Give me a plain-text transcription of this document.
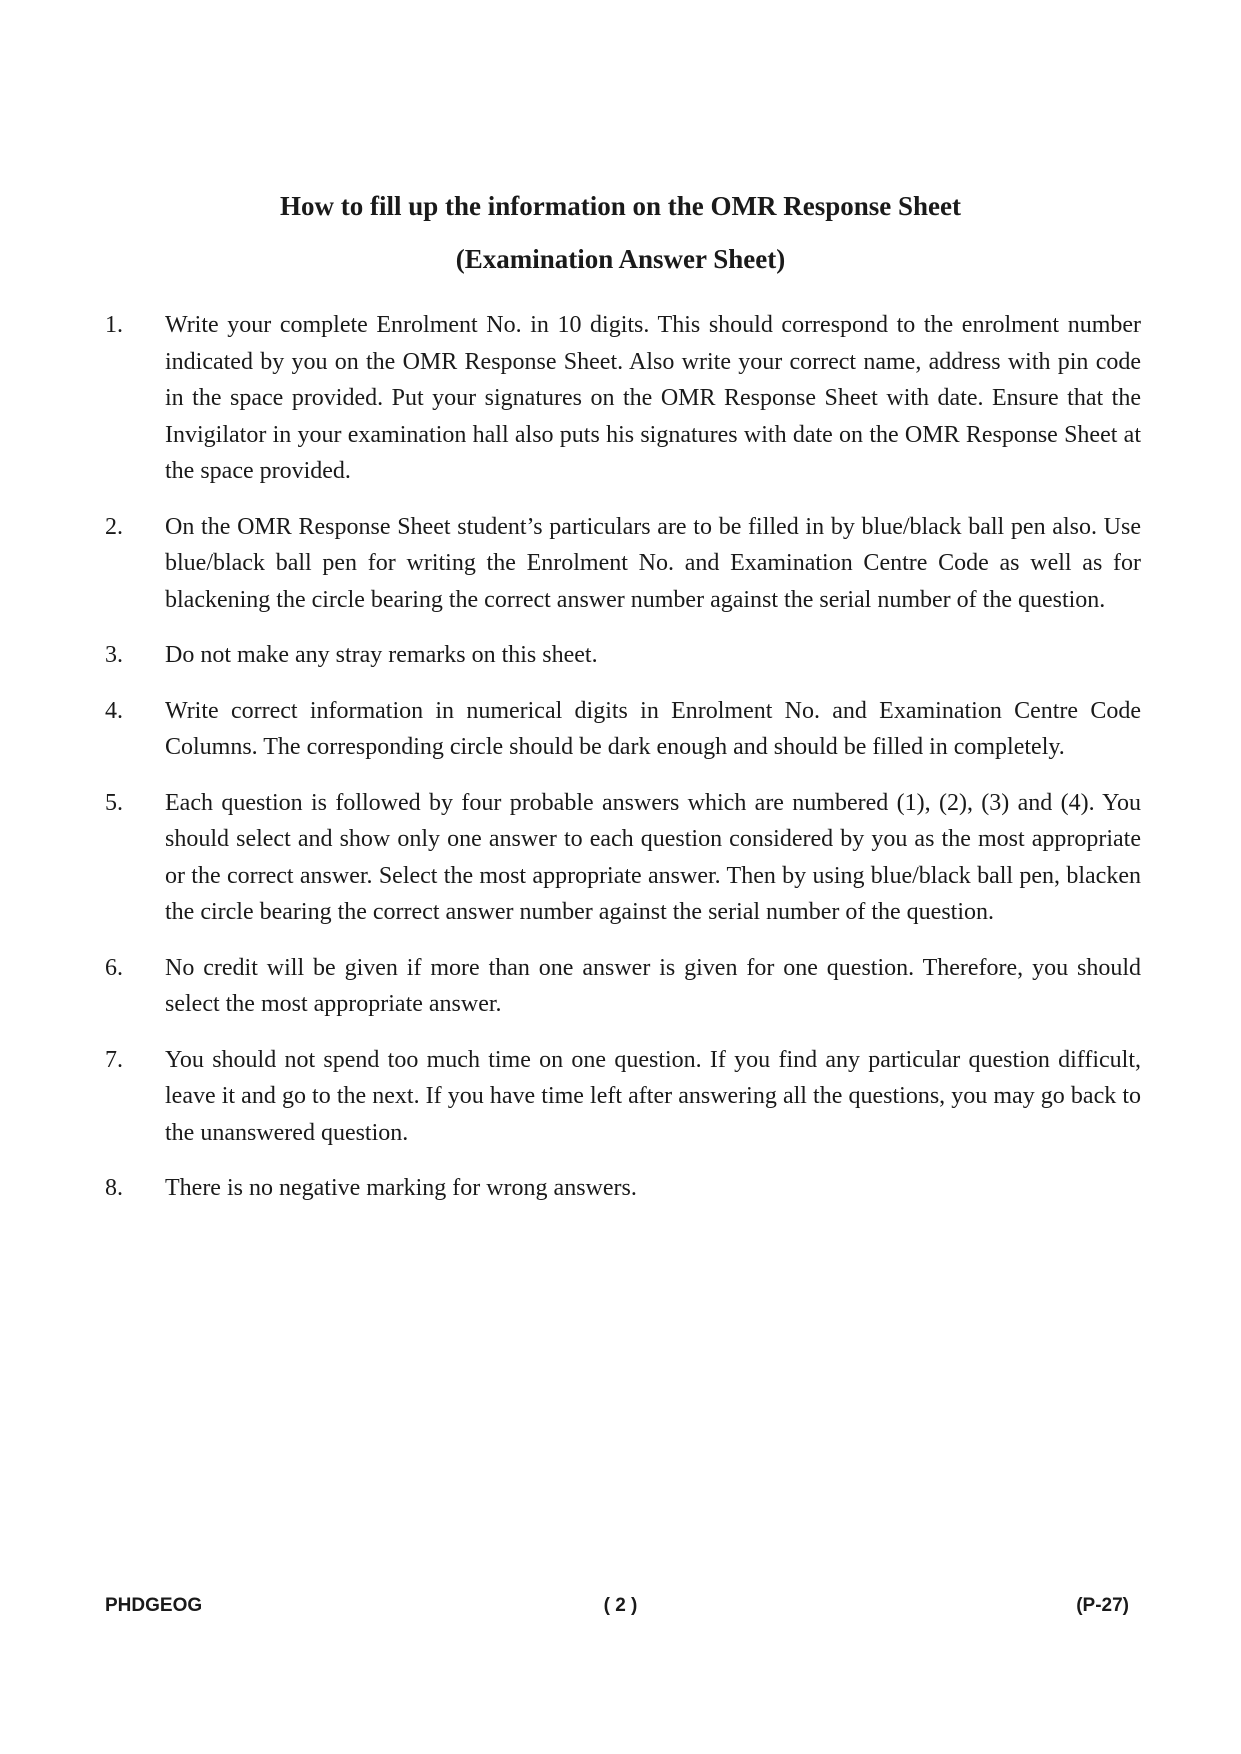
How to fill up the information on the OMR Response Sheet
(Examination Answer Sheet)
1.	Write your complete Enrolment No. in 10 digits. This should correspond to the enrolment number indicated by you on the OMR Response Sheet. Also write your correct name, address with pin code in the space provided. Put your signatures on the OMR Response Sheet with date. Ensure that the Invigilator in your examination hall also puts his signatures with date on the OMR Response Sheet at the space provided.
2.	On the OMR Response Sheet student’s particulars are to be filled in by blue/black ball pen also. Use blue/black ball pen for writing the Enrolment No. and Examination Centre Code as well as for blackening the circle bearing the correct answer number against the serial number of the question.
3.	Do not make any stray remarks on this sheet.
4.	Write correct information in numerical digits in Enrolment No. and Examination Centre Code Columns. The corresponding circle should be dark enough and should be filled in completely.
5.	Each question is followed by four probable answers which are numbered (1), (2), (3) and (4). You should select and show only one answer to each question considered by you as the most appropriate or the correct answer. Select the most appropriate answer. Then by using blue/black ball pen, blacken the circle bearing the correct answer number against the serial number of the question.
6.	No credit will be given if more than one answer is given for one question. Therefore, you should select the most appropriate answer.
7.	You should not spend too much time on one question. If you find any particular question difficult, leave it and go to the next. If you have time left after answering all the questions, you may go back to the unanswered question.
8.	There is no negative marking for wrong answers.
( 2 )
PHDGEOG	(P-27)
